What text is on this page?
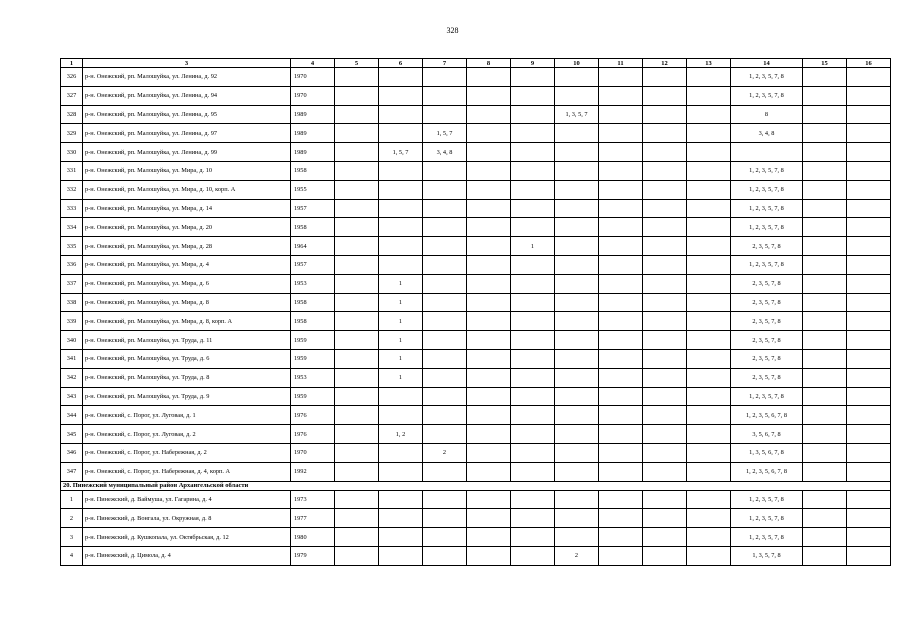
328
1	3	4	5	6	7	8	9	10	11	12	13	14	15	16
326	р-н. Онежский, рп. Малошуйка, ул. Ленина, д. 92	1970										1, 2, 3, 5, 7, 8		
327	р-н. Онежский, рп. Малошуйка, ул. Ленина, д. 94	1970										1, 2, 3, 5, 7, 8		
328	р-н. Онежский, рп. Малошуйка, ул. Ленина, д. 95	1989						1, 3, 5, 7				8		
329	р-н. Онежский, рп. Малошуйка, ул. Ленина, д. 97	1989			1, 5, 7							3, 4, 8		
330	р-н. Онежский, рп. Малошуйка, ул. Ленина, д. 99	1989		1, 5, 7	3, 4, 8									
331	р-н. Онежский, рп. Малошуйка, ул. Мира, д. 10	1958										1, 2, 3, 5, 7, 8		
332	р-н. Онежский, рп. Малошуйка, ул. Мира, д. 10, корп. А	1955										1, 2, 3, 5, 7, 8		
333	р-н. Онежский, рп. Малошуйка, ул. Мира, д. 14	1957										1, 2, 3, 5, 7, 8		
334	р-н. Онежский, рп. Малошуйка, ул. Мира, д. 20	1958										1, 2, 3, 5, 7, 8		
335	р-н. Онежский, рп. Малошуйка, ул. Мира, д. 28	1964					1					2, 3, 5, 7, 8		
336	р-н. Онежский, рп. Малошуйка, ул. Мира, д. 4	1957										1, 2, 3, 5, 7, 8		
337	р-н. Онежский, рп. Малошуйка, ул. Мира, д. 6	1953		1								2, 3, 5, 7, 8		
338	р-н. Онежский, рп. Малошуйка, ул. Мира, д. 8	1958		1								2, 3, 5, 7, 8		
339	р-н. Онежский, рп. Малошуйка, ул. Мира, д. 8, корп. А	1958		1								2, 3, 5, 7, 8		
340	р-н. Онежский, рп. Малошуйка, ул. Труда, д. 11	1959		1								2, 3, 5, 7, 8		
341	р-н. Онежский, рп. Малошуйка, ул. Труда, д. 6	1959		1								2, 3, 5, 7, 8		
342	р-н. Онежский, рп. Малошуйка, ул. Труда, д. 8	1953		1								2, 3, 5, 7, 8		
343	р-н. Онежский, рп. Малошуйка, ул. Труда, д. 9	1959										1, 2, 3, 5, 7, 8		
344	р-н. Онежский, с. Порог, ул. Луговая, д. 1	1976										1, 2, 3, 5, 6, 7, 8		
345	р-н. Онежский, с. Порог, ул. Луговая, д. 2	1976		1, 2								3, 5, 6, 7, 8		
346	р-н. Онежский, с. Порог, ул. Набережная, д. 2	1970			2							1, 3, 5, 6, 7, 8		
347	р-н. Онежский, с. Порог, ул. Набережная, д. 4, корп. А	1992										1, 2, 3, 5, 6, 7, 8		
20. Пинежский муниципальный район Архангельской области														
1	р-н. Пинежский, д. Ваймуша, ул. Гагарина, д. 4	1973										1, 2, 3, 5, 7, 8		
2	р-н. Пинежский, д. Вонгала, ул. Окружная, д. 8	1977										1, 2, 3, 5, 7, 8		
3	р-н. Пинежский, д. Кушкопала, ул. Октябрьская, д. 12	1980										1, 2, 3, 5, 7, 8		
4	р-н. Пинежский, д. Цимола, д. 4	1979						2				1, 3, 5, 7, 8		
